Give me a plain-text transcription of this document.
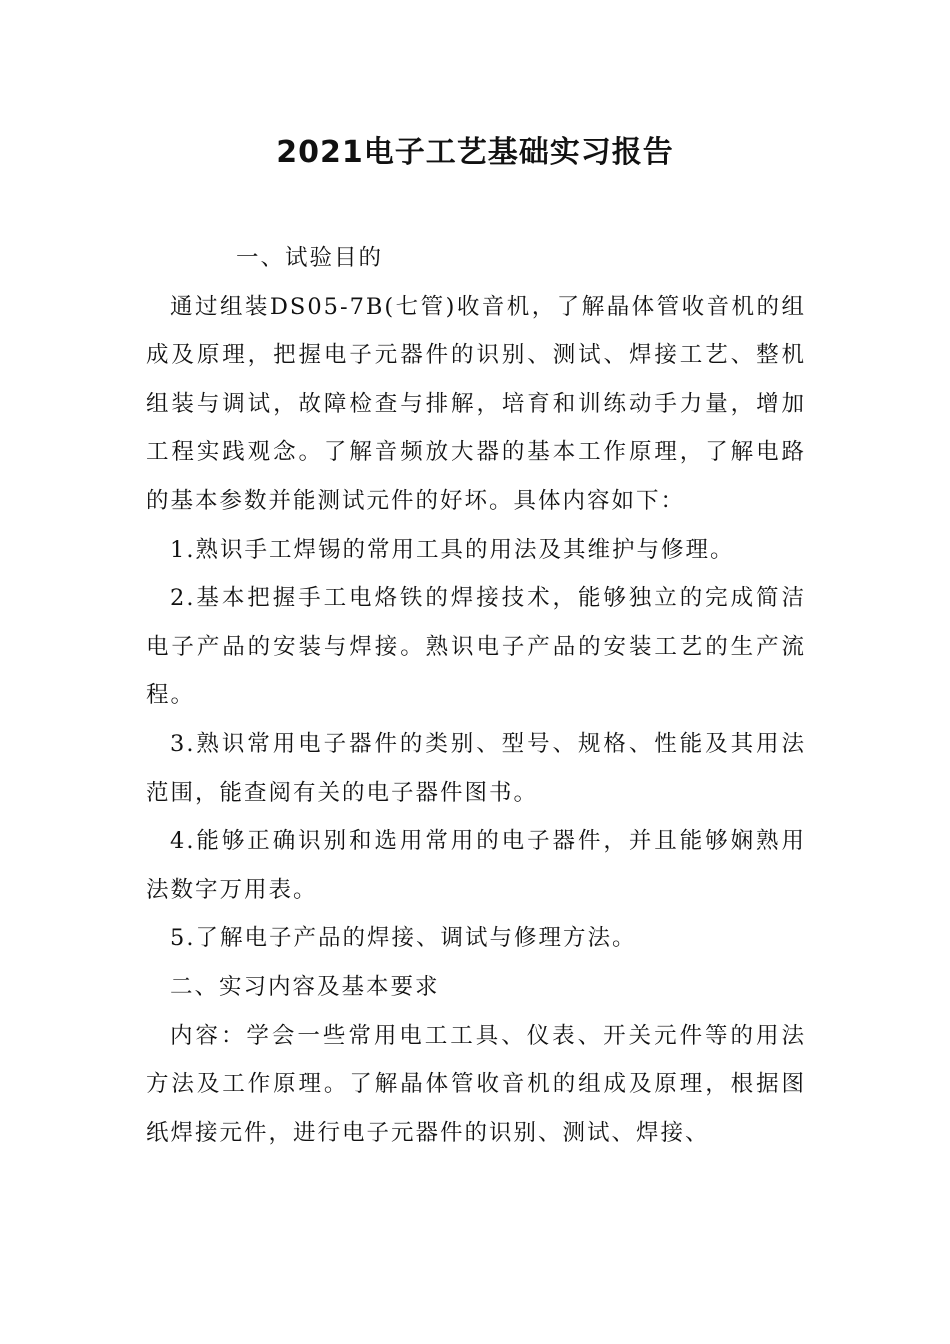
2021电子工艺基础实习报告

一、试验目的

通过组装DS05-7B(七管)收音机，了解晶体管收音机的组成及原理，把握电子元器件的识别、测试、焊接工艺、整机组装与调试，故障检查与排解，培育和训练动手力量，增加工程实践观念。了解音频放大器的基本工作原理，了解电路的基本参数并能测试元件的好坏。具体内容如下：

1.熟识手工焊锡的常用工具的用法及其维护与修理。

2.基本把握手工电烙铁的焊接技术，能够独立的完成简洁电子产品的安装与焊接。熟识电子产品的安装工艺的生产流程。

3.熟识常用电子器件的类别、型号、规格、性能及其用法范围，能查阅有关的电子器件图书。

4.能够正确识别和选用常用的电子器件，并且能够娴熟用法数字万用表。

5.了解电子产品的焊接、调试与修理方法。

二、实习内容及基本要求

内容：学会一些常用电工工具、仪表、开关元件等的用法方法及工作原理。了解晶体管收音机的组成及原理，根据图纸焊接元件，进行电子元器件的识别、测试、焊接、
